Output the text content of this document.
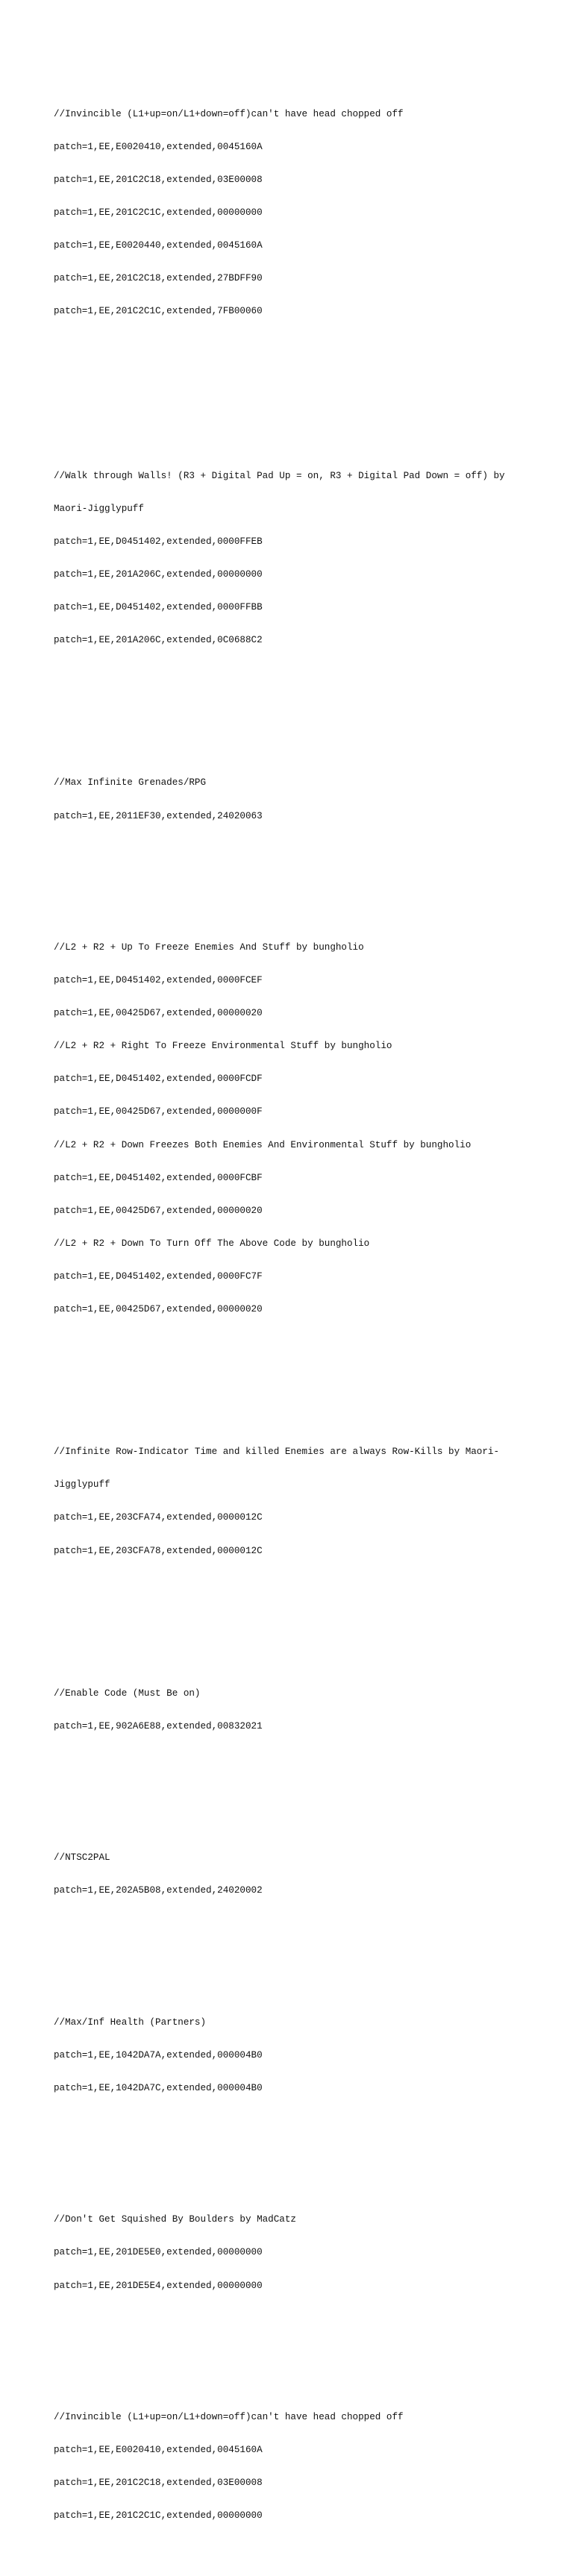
//Invincible (L1+up=on/L1+down=off)can't have head chopped off

patch=1,EE,E0020410,extended,0045160A

patch=1,EE,201C2C18,extended,03E00008

patch=1,EE,201C2C1C,extended,00000000

patch=1,EE,E0020440,extended,0045160A

patch=1,EE,201C2C18,extended,27BDFF90

patch=1,EE,201C2C1C,extended,7FB00060

//Walk through Walls! (R3 + Digital Pad Up = on, R3 + Digital Pad Down = off) by

Maori-Jigglypuff

patch=1,EE,D0451402,extended,0000FFEB

patch=1,EE,201A206C,extended,00000000

patch=1,EE,D0451402,extended,0000FFBB

patch=1,EE,201A206C,extended,0C0688C2

//Max Infinite Grenades/RPG

patch=1,EE,2011EF30,extended,24020063

//L2 + R2 + Up To Freeze Enemies And Stuff by bungholio

patch=1,EE,D0451402,extended,0000FCEF

patch=1,EE,00425D67,extended,00000020

//L2 + R2 + Right To Freeze Environmental Stuff by bungholio

patch=1,EE,D0451402,extended,0000FCDF

patch=1,EE,00425D67,extended,0000000F

//L2 + R2 + Down Freezes Both Enemies And Environmental Stuff by bungholio

patch=1,EE,D0451402,extended,0000FCBF

patch=1,EE,00425D67,extended,00000020

//L2 + R2 + Down To Turn Off The Above Code by bungholio

patch=1,EE,D0451402,extended,0000FC7F

patch=1,EE,00425D67,extended,00000020

//Infinite Row-Indicator Time and killed Enemies are always Row-Kills by Maori-

Jigglypuff

patch=1,EE,203CFA74,extended,0000012C

patch=1,EE,203CFA78,extended,0000012C

//Enable Code (Must Be on)

patch=1,EE,902A6E88,extended,00832021

//NTSC2PAL

patch=1,EE,202A5B08,extended,24020002

//Max/Inf Health (Partners)

patch=1,EE,1042DA7A,extended,000004B0

patch=1,EE,1042DA7C,extended,000004B0

//Don't Get Squished By Boulders by MadCatz

patch=1,EE,201DE5E0,extended,00000000

patch=1,EE,201DE5E4,extended,00000000

//Invincible (L1+up=on/L1+down=off)can't have head chopped off

patch=1,EE,E0020410,extended,0045160A

patch=1,EE,201C2C18,extended,03E00008

patch=1,EE,201C2C1C,extended,00000000
